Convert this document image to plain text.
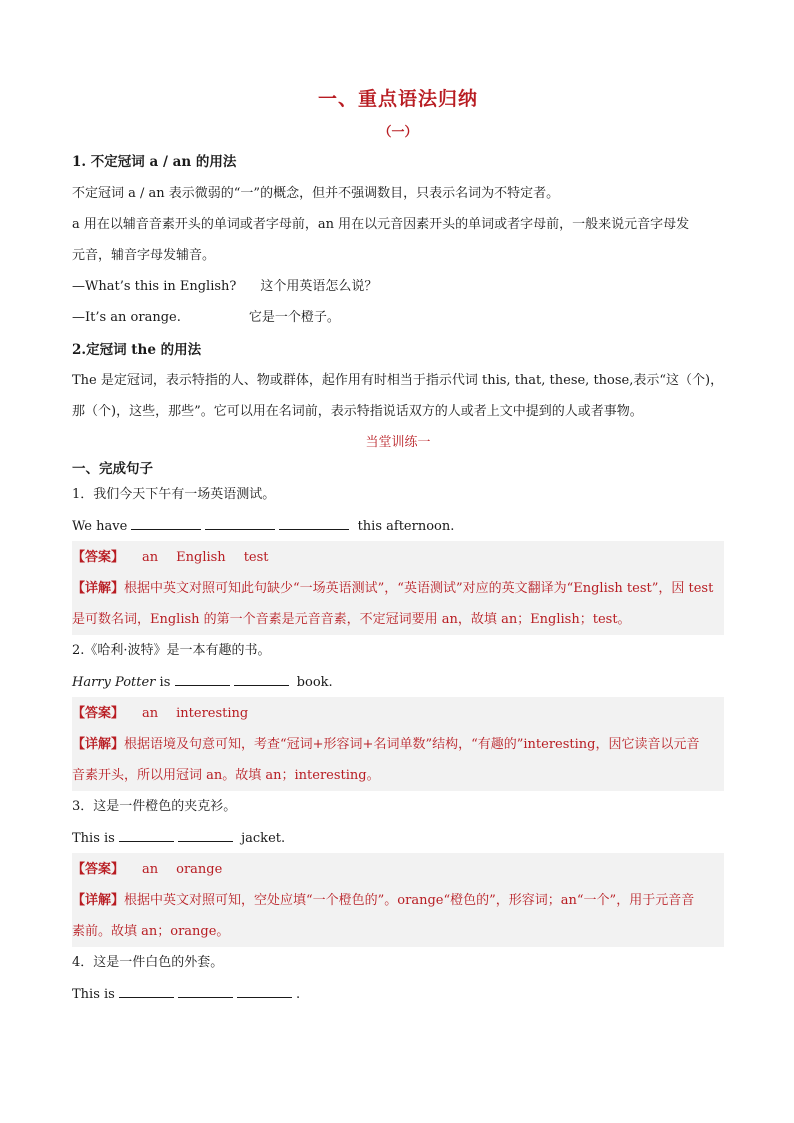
一、重点语法归纳
（一）
1. 不定冠词 a / an 的用法
不定冠词 a / an 表示微弱的“一”的概念，但并不强调数目，只表示名词为不特定者。
a 用在以辅音音素开头的单词或者字母前，an 用在以元音因素开头的单词或者字母前，一般来说元音字母发
元音，辅音字母发辅音。
—What’s this in English? 这个用英语怎么说？
—It’s an orange.	它是一个橙子。
2.定冠词 the 的用法
The 是定冠词，表示特指的人、物或群体，起作用有时相当于指示代词 this, that, these, those,表示“这（个)，
那（个)，这些，那些”。它可以用在名词前，表示特指说话双方的人或者上文中提到的人或者事物。
当堂训练一
一、完成句子
1．我们今天下午有一场英语测试。
We have	this afternoon.
【答案】 an English test
【详解】根据中英文对照可知此句缺少“一场英语测试”，“英语测试”对应的英文翻译为“English test”，因 test
是可数名词，English 的第一个音素是元音音素，不定冠词要用 an，故填 an；English；test。
2.《哈利·波特》是一本有趣的书。
Harry Potter is	book.
【答案】 an interesting
【详解】根据语境及句意可知，考查“冠词+形容词+名词单数”结构，“有趣的”interesting，因它读音以元音
音素开头，所以用冠词 an。故填 an；interesting。
3．这是一件橙色的夹克衫。
This is	jacket.
【答案】 an orange
【详解】根据中英文对照可知，空处应填“一个橙色的”。orange“橙色的”，形容词；an“一个”，用于元音音
素前。故填 an；orange。
4．这是一件白色的外套。
This is	.
